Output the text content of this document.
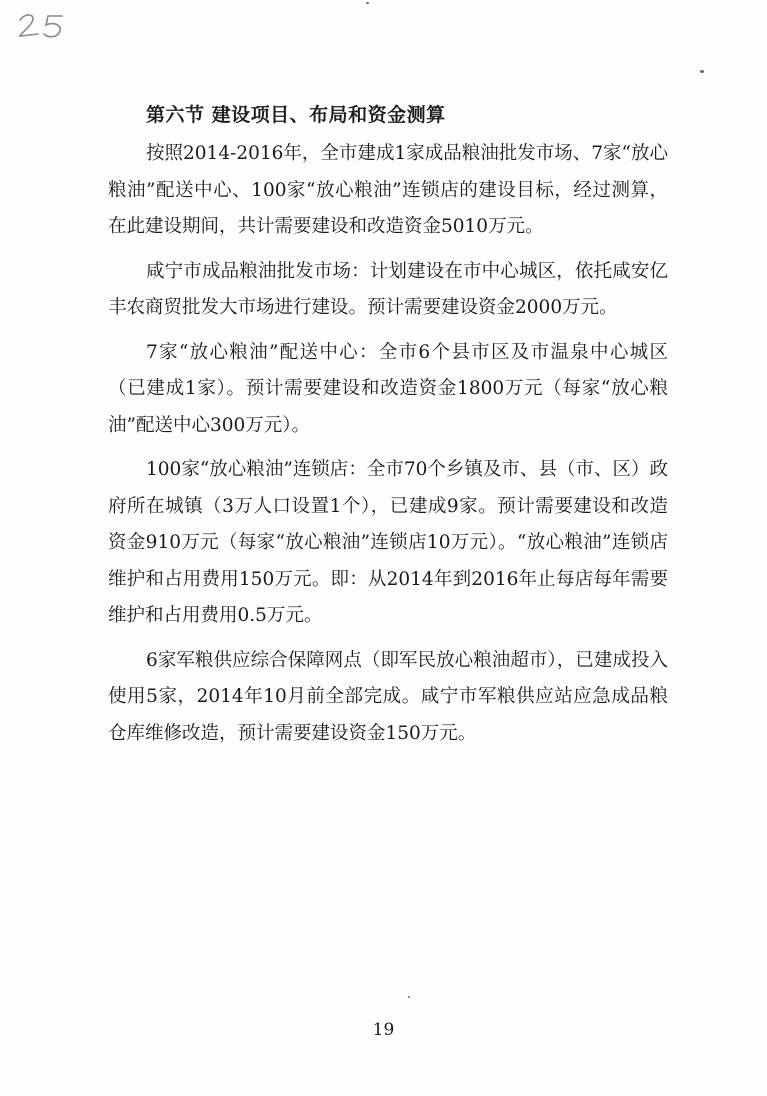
第六节 建设项目、布局和资金测算

按照2014-2016年，全市建成1家成品粮油批发市场、7家“放心粮油”配送中心、100家“放心粮油”连锁店的建设目标，经过测算，在此建设期间，共计需要建设和改造资金5010万元。

咸宁市成品粮油批发市场：计划建设在市中心城区，依托咸安亿丰农商贸批发大市场进行建设。预计需要建设资金2000万元。

7家“放心粮油”配送中心：全市6个县市区及市温泉中心城区（已建成1家）。预计需要建设和改造资金1800万元（每家“放心粮油”配送中心300万元）。

100家“放心粮油”连锁店：全市70个乡镇及市、县（市、区）政府所在城镇（3万人口设置1个），已建成9家。预计需要建设和改造资金910万元（每家“放心粮油”连锁店10万元）。“放心粮油”连锁店维护和占用费用150万元。即：从2014年到2016年止每店每年需要维护和占用费用0.5万元。

6家军粮供应综合保障网点（即军民放心粮油超市），已建成投入使用5家，2014年10月前全部完成。咸宁市军粮供应站应急成品粮仓库维修改造，预计需要建设资金150万元。

19
